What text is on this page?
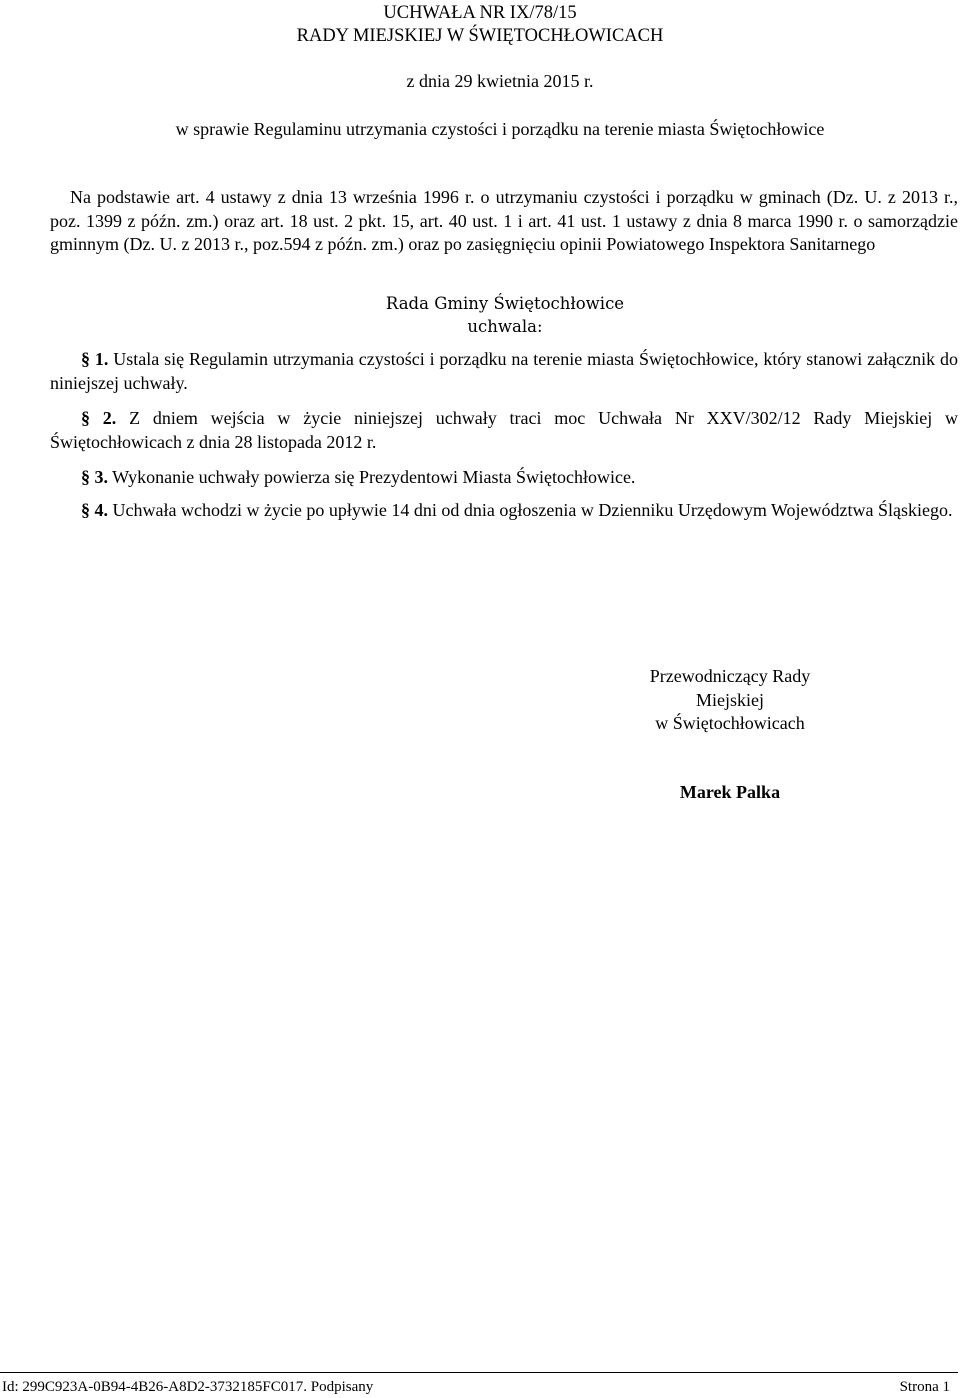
UCHWAŁA NR IX/78/15
RADY MIEJSKIEJ W ŚWIĘTOCHŁOWICACH
z dnia 29 kwietnia 2015 r.
w sprawie Regulaminu utrzymania czystości i porządku na terenie miasta Świętochłowice
Na podstawie art. 4 ustawy z dnia 13 września 1996 r. o utrzymaniu czystości i porządku w gminach (Dz. U. z 2013 r., poz. 1399 z późn. zm.) oraz art. 18 ust. 2 pkt. 15, art. 40 ust. 1 i art. 41 ust. 1 ustawy z dnia 8 marca 1990 r. o samorządzie gminnym (Dz. U. z 2013 r., poz.594 z późn. zm.) oraz po zasięgnięciu opinii Powiatowego Inspektora Sanitarnego
Rada Gminy Świętochłowice
uchwala:
§ 1. Ustala się Regulamin utrzymania czystości i porządku na terenie miasta Świętochłowice, który stanowi załącznik do niniejszej uchwały.
§ 2. Z dniem wejścia w życie niniejszej uchwały traci moc Uchwała Nr XXV/302/12 Rady Miejskiej w Świętochłowicach z dnia 28 listopada 2012 r.
§ 3. Wykonanie uchwały powierza się Prezydentowi Miasta Świętochłowice.
§ 4. Uchwała wchodzi w życie po upływie 14 dni od dnia ogłoszenia w Dzienniku Urzędowym Województwa Śląskiego.
Przewodniczący Rady
Miejskiej
w Świętochłowicach
Marek Palka
Id: 299C923A-0B94-4B26-A8D2-3732185FC017. Podpisany	Strona 1
